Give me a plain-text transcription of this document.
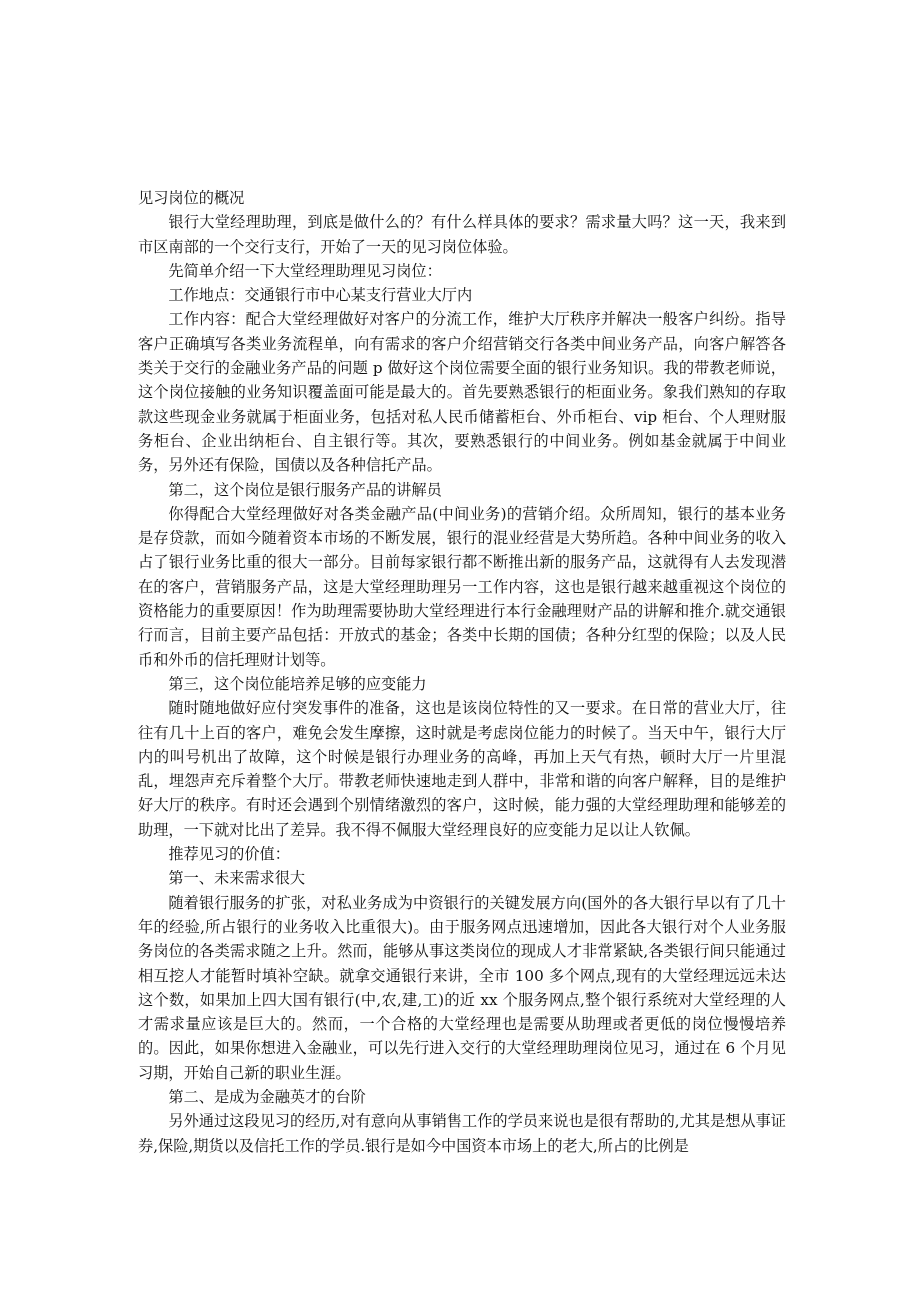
见习岗位的概况

银行大堂经理助理，到底是做什么的？有什么样具体的要求？需求量大吗？这一天，我来到市区南部的一个交行支行，开始了一天的见习岗位体验。

先简单介绍一下大堂经理助理见习岗位：

工作地点：交通银行市中心某支行营业大厅内

工作内容：配合大堂经理做好对客户的分流工作，维护大厅秩序并解决一般客户纠纷。指导客户正确填写各类业务流程单，向有需求的客户介绍营销交行各类中间业务产品，向客户解答各类关于交行的金融业务产品的问题 p 做好这个岗位需要全面的银行业务知识。我的带教老师说，这个岗位接触的业务知识覆盖面可能是最大的。首先要熟悉银行的柜面业务。象我们熟知的存取款这些现金业务就属于柜面业务，包括对私人民币储蓄柜台、外币柜台、vip 柜台、个人理财服务柜台、企业出纳柜台、自主银行等。其次，要熟悉银行的中间业务。例如基金就属于中间业务，另外还有保险，国债以及各种信托产品。

第二，这个岗位是银行服务产品的讲解员

你得配合大堂经理做好对各类金融产品(中间业务)的营销介绍。众所周知，银行的基本业务是存贷款，而如今随着资本市场的不断发展，银行的混业经营是大势所趋。各种中间业务的收入占了银行业务比重的很大一部分。目前每家银行都不断推出新的服务产品，这就得有人去发现潜在的客户，营销服务产品，这是大堂经理助理另一工作内容，这也是银行越来越重视这个岗位的资格能力的重要原因！作为助理需要协助大堂经理进行本行金融理财产品的讲解和推介.就交通银行而言，目前主要产品包括：开放式的基金；各类中长期的国债；各种分红型的保险；以及人民币和外币的信托理财计划等。

第三，这个岗位能培养足够的应变能力

随时随地做好应付突发事件的准备，这也是该岗位特性的又一要求。在日常的营业大厅，往往有几十上百的客户，难免会发生摩擦，这时就是考虑岗位能力的时候了。当天中午，银行大厅内的叫号机出了故障，这个时候是银行办理业务的高峰，再加上天气有热，顿时大厅一片里混乱，埋怨声充斥着整个大厅。带教老师快速地走到人群中，非常和谐的向客户解释，目的是维护好大厅的秩序。有时还会遇到个别情绪激烈的客户，这时候，能力强的大堂经理助理和能够差的助理，一下就对比出了差异。我不得不佩服大堂经理良好的应变能力足以让人钦佩。

推荐见习的价值：

第一、未来需求很大

随着银行服务的扩张，对私业务成为中资银行的关键发展方向(国外的各大银行早以有了几十年的经验,所占银行的业务收入比重很大)。由于服务网点迅速增加，因此各大银行对个人业务服务岗位的各类需求随之上升。然而，能够从事这类岗位的现成人才非常紧缺,各类银行间只能通过相互挖人才能暂时填补空缺。就拿交通银行来讲，全市 100 多个网点,现有的大堂经理远远未达这个数，如果加上四大国有银行(中,农,建,工)的近 xx 个服务网点,整个银行系统对大堂经理的人才需求量应该是巨大的。然而，一个合格的大堂经理也是需要从助理或者更低的岗位慢慢培养的。因此，如果你想进入金融业，可以先行进入交行的大堂经理助理岗位见习，通过在 6 个月见习期，开始自己新的职业生涯。

第二、是成为金融英才的台阶

另外通过这段见习的经历,对有意向从事销售工作的学员来说也是很有帮助的,尤其是想从事证券,保险,期货以及信托工作的学员.银行是如今中国资本市场上的老大,所占的比例是
